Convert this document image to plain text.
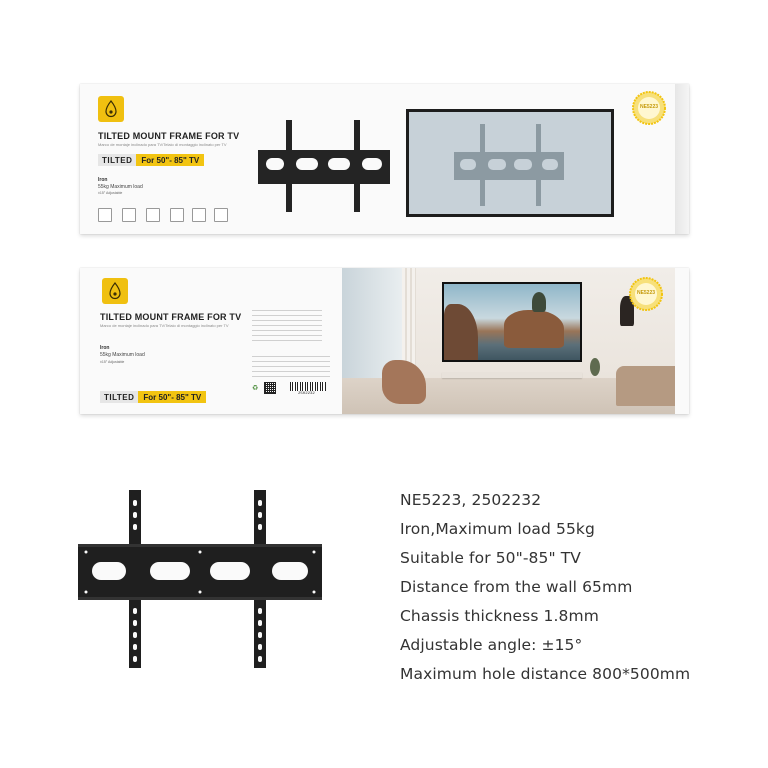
TILTED MOUNT FRAME FOR TV
Marco de montaje inclinado para TV/Telaio di montaggio inclinato per TV
TILTED	For 50"- 85" TV
Iron
55kg Maximum load
±15° Adjustable
NE5223
TILTED MOUNT FRAME FOR TV
Marco de montaje inclinado para TV/Telaio di montaggio inclinato per TV
Iron
55kg Maximum load
±15° Adjustable
TILTED	For 50"- 85" TV
♻
2502232
NE5223
NE5223, 2502232
Iron,Maximum load 55kg
Suitable for 50"-85" TV
Distance from the wall 65mm
Chassis thickness 1.8mm
Adjustable angle: ±15°
Maximum hole distance 800*500mm
